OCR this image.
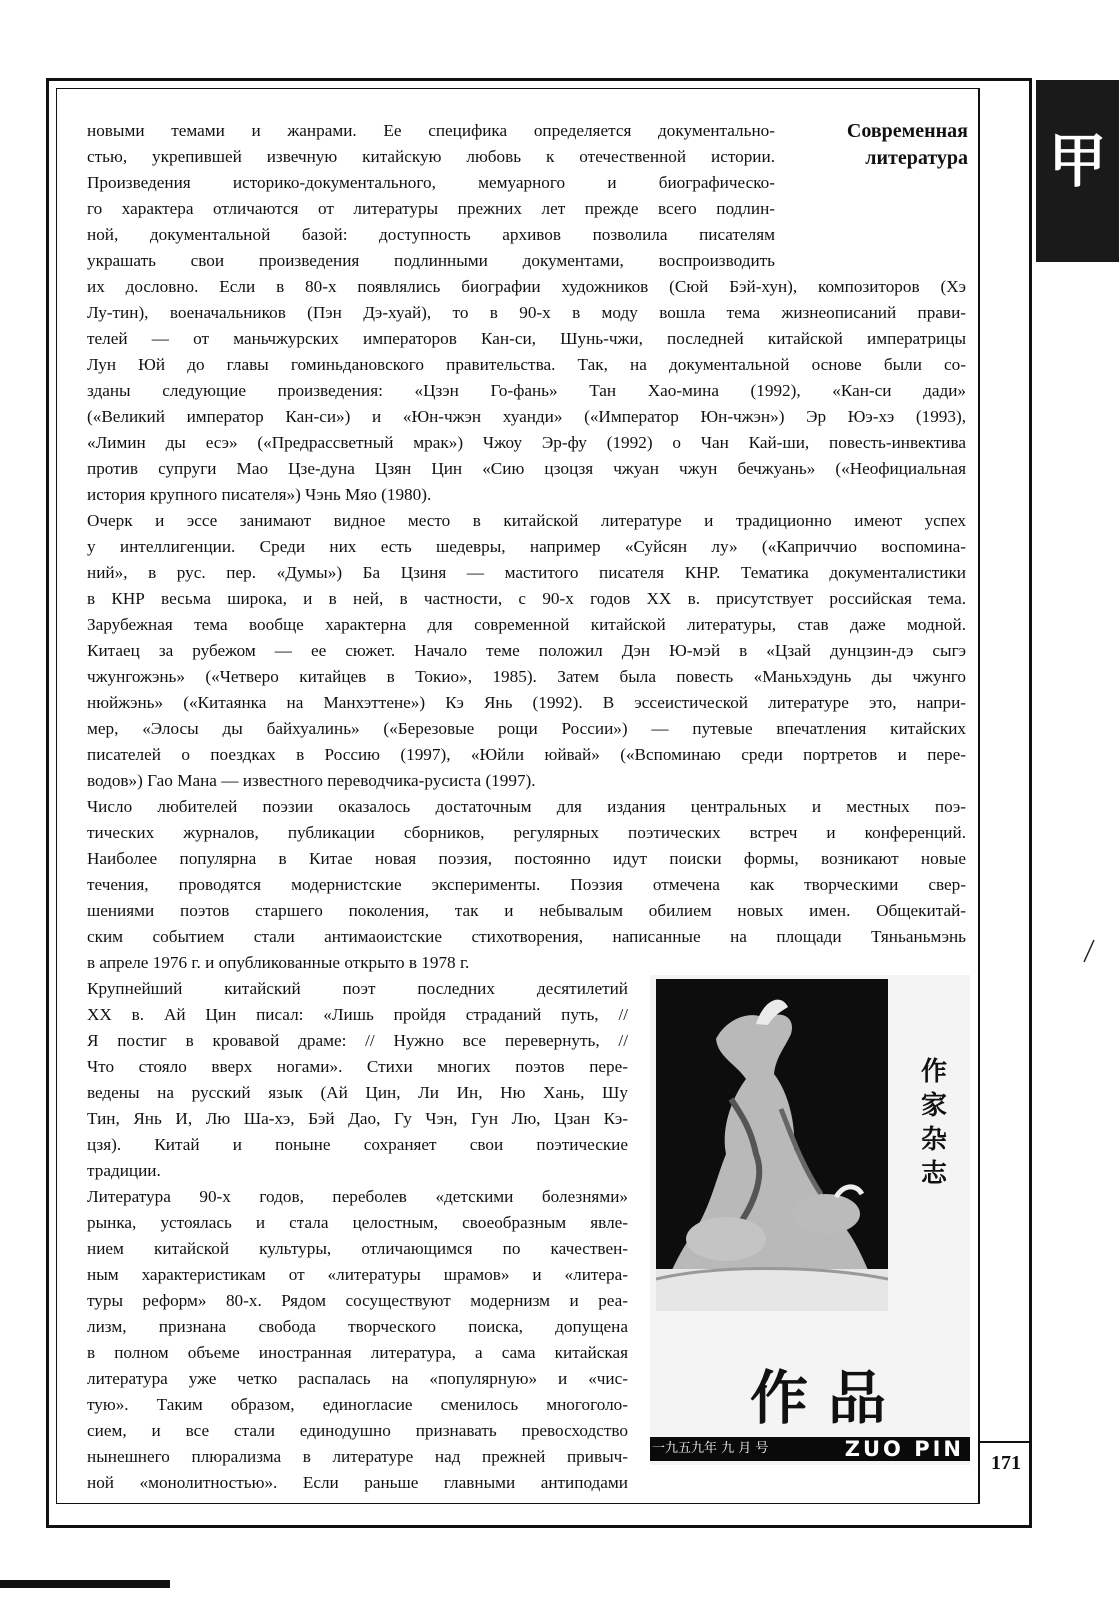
甲
Современная
литература
новыми темами и жанрами. Ее специфика определяется документально-
стью, укрепившей извечную китайскую любовь к отечественной истории.
Произведения историко-документального, мемуарного и биографическо-
го характера отличаются от литературы прежних лет прежде всего подлин-
ной, документальной базой: доступность архивов позволила писателям
украшать свои произведения подлинными документами, воспроизводить
их дословно. Если в 80-х появлялись биографии художников (Сюй Бэй-хун), композиторов (Хэ
Лу-тин), военачальников (Пэн Дэ-хуай), то в 90-х в моду вошла тема жизнеописаний прави-
телей — от маньчжурских императоров Кан-си, Шунь-чжи, последней китайской императрицы
Лун Юй до главы гоминьдановского правительства. Так, на документальной основе были со-
зданы следующие произведения: «Цзэн Го-фань» Тан Хао-мина (1992), «Кан-си дади»
(«Великий император Кан-си») и «Юн-чжэн хуанди» («Император Юн-чжэн») Эр Юэ-хэ (1993),
«Лимин ды есэ» («Предрассветный мрак») Чжоу Эр-фу (1992) о Чан Кай-ши, повесть-инвектива
против супруги Мао Цзе-дуна Цзян Цин «Сию цзоцзя чжуан чжун бечжуань» («Неофициальная
история крупного писателя») Чэнь Мяо (1980).
Очерк и эссе занимают видное место в китайской литературе и традиционно имеют успех
у интеллигенции. Среди них есть шедевры, например «Суйсян лу» («Каприччио воспомина-
ний», в рус. пер. «Думы») Ба Цзиня — маститого писателя КНР. Тематика документалистики
в КНР весьма широка, и в ней, в частности, с 90-х годов XX в. присутствует российская тема.
Зарубежная тема вообще характерна для современной китайской литературы, став даже модной.
Китаец за рубежом — ее сюжет. Начало теме положил Дэн Ю-мэй в «Цзай дунцзин-дэ сыгэ
чжунгожэнь» («Четверо китайцев в Токио», 1985). Затем была повесть «Маньхэдунь ды чжунго
нюйжэнь» («Китаянка на Манхэттене») Кэ Янь (1992). В эссеистической литературе это, напри-
мер, «Элосы ды байхуалинь» («Березовые рощи России») — путевые впечатления китайских
писателей о поездках в Россию (1997), «Юйли юйвай» («Вспоминаю среди портретов и пере-
водов») Гао Мана — известного переводчика-русиста (1997).
Число любителей поэзии оказалось достаточным для издания центральных и местных поэ-
тических журналов, публикации сборников, регулярных поэтических встреч и конференций.
Наиболее популярна в Китае новая поэзия, постоянно идут поиски формы, возникают новые
течения, проводятся модернистские эксперименты. Поэзия отмечена как творческими свер-
шениями поэтов старшего поколения, так и небывалым обилием новых имен. Общекитай-
ским событием стали антимаоистские стихотворения, написанные на площади Тяньаньмэнь
в апреле 1976 г. и опубликованные открыто в 1978 г.
Крупнейший китайский поэт последних десятилетий
XX в. Ай Цин писал: «Лишь пройдя страданий путь, //
Я постиг в кровавой драме: // Нужно все перевернуть, //
Что стояло вверх ногами». Стихи многих поэтов пере-
ведены на русский язык (Ай Цин, Ли Ин, Ню Хань, Шу
Тин, Янь И, Лю Ша-хэ, Бэй Дао, Гу Чэн, Гун Лю, Цзан Кэ-
цзя). Китай и поныне сохраняет свои поэтические
традиции.
Литература 90-х годов, переболев «детскими болезнями»
рынка, устоялась и стала целостным, своеобразным явле-
нием китайской культуры, отличающимся по качествен-
ным характеристикам от «литературы шрамов» и «литера-
туры реформ» 80-х. Рядом сосуществуют модернизм и реа-
лизм, признана свобода творческого поиска, допущена
в полном объеме иностранная литература, а сама китайская
литература уже четко распалась на «популярную» и «чис-
тую». Таким образом, единогласие сменилось многоголо-
сием, и все стали единодушно признавать превосходство
нынешнего плюрализма в литературе над прежней привыч-
ной «монолитностью». Если раньше главными антиподами
作家杂志
作品
一九五九年 九 月 号	ZUO PIN
171
